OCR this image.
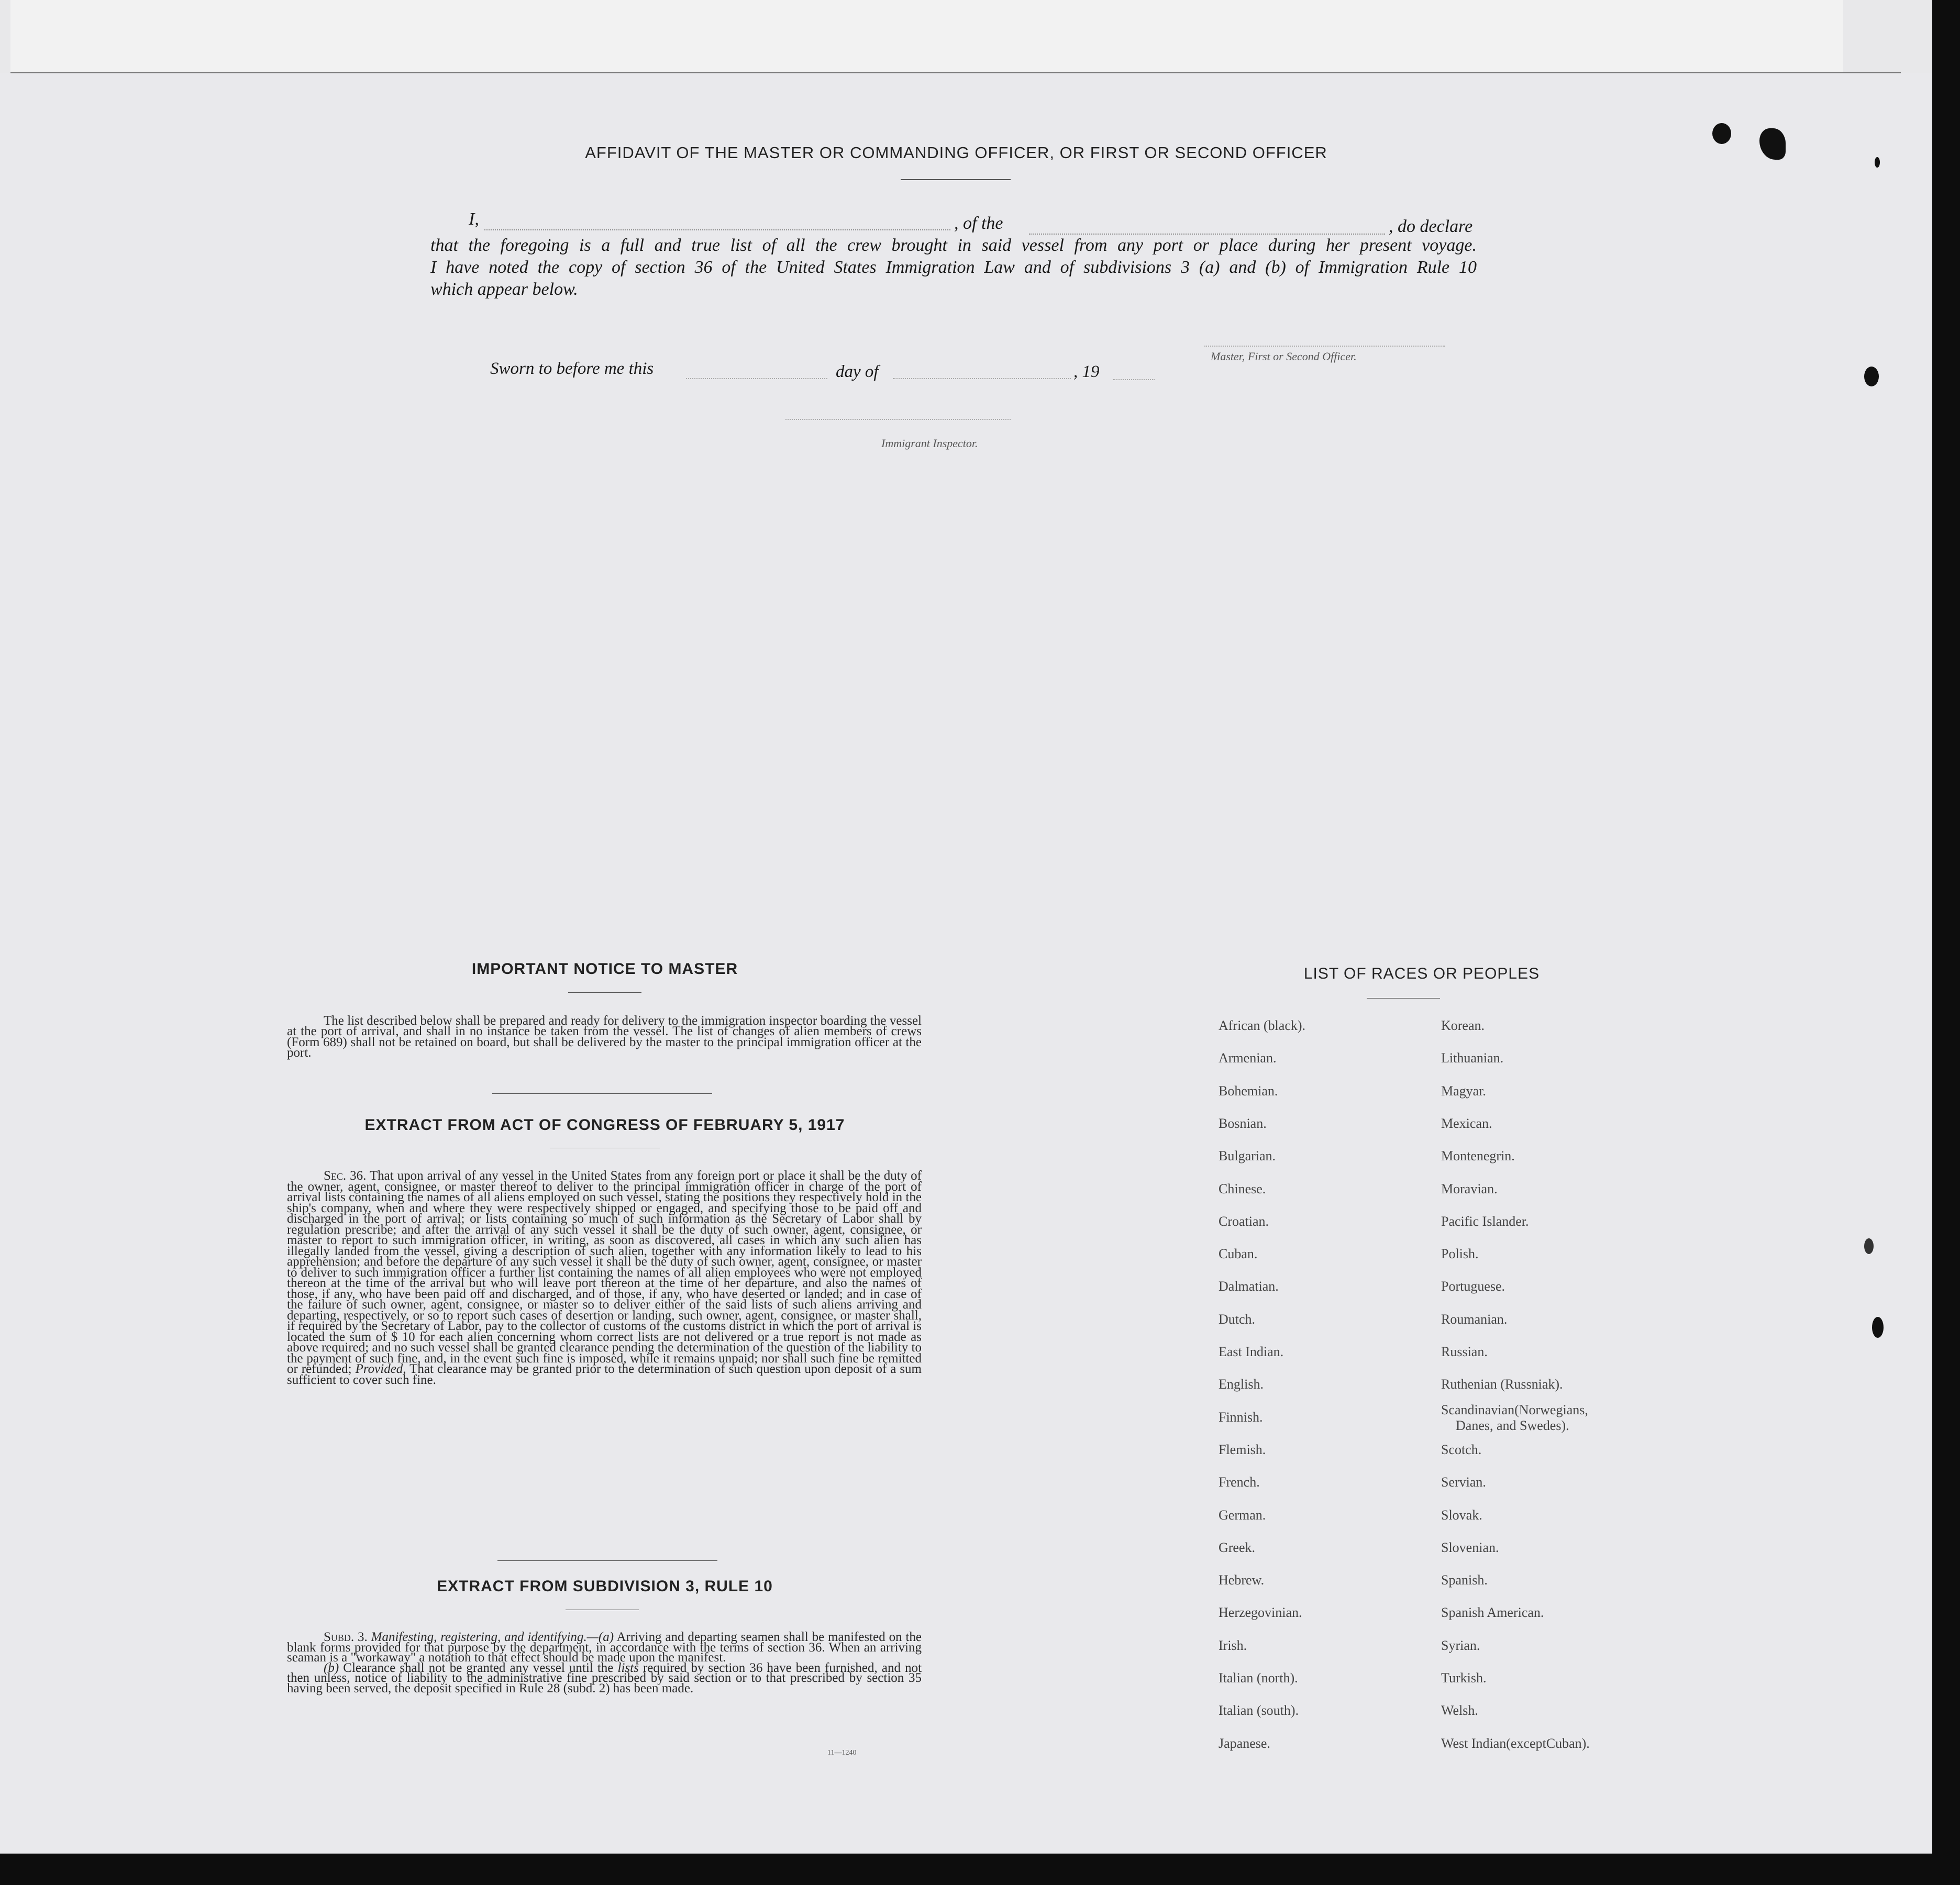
AFFIDAVIT OF THE MASTER OR COMMANDING OFFICER, OR FIRST OR SECOND OFFICER
I,	, of the	, do declare
that the foregoing is a full and true list of all the crew brought in said vessel from any port or place during her present voyage.
I have noted the copy of section 36 of the United States Immigration Law and of subdivisions 3 (a) and (b) of Immigration Rule 10
which appear below.
Master, First or Second Officer.
Sworn to before me this	day of	, 19
Immigrant Inspector.
IMPORTANT NOTICE TO MASTER

The list described below shall be prepared and ready for delivery to the immigration inspector boarding the vessel at the port of arrival, and shall in no instance be taken from the vessel. The list of changes of alien members of crews (Form 689) shall not be retained on board, but shall be delivered by the master to the principal immigration officer at the port.

EXTRACT FROM ACT OF CONGRESS OF FEBRUARY 5, 1917

Sec. 36. That upon arrival of any vessel in the United States from any foreign port or place it shall be the duty of the owner, agent, consignee, or master thereof to deliver to the principal immigration officer in charge of the port of arrival lists containing the names of all aliens employed on such vessel, stating the positions they respectively hold in the ship's company, when and where they were respectively shipped or engaged, and specifying those to be paid off and discharged in the port of arrival; or lists containing so much of such information as the Secretary of Labor shall by regulation prescribe; and after the arrival of any such vessel it shall be the duty of such owner, agent, consignee, or master to report to such immigration officer, in writing, as soon as discovered, all cases in which any such alien has illegally landed from the vessel, giving a description of such alien, together with any information likely to lead to his apprehension; and before the departure of any such vessel it shall be the duty of such owner, agent, consignee, or master to deliver to such immigration officer a further list containing the names of all alien employees who were not employed thereon at the time of the arrival but who will leave port thereon at the time of her departure, and also the names of those, if any, who have been paid off and discharged, and of those, if any, who have deserted or landed; and in case of the failure of such owner, agent, consignee, or master so to deliver either of the said lists of such aliens arriving and departing, respectively, or so to report such cases of desertion or landing, such owner, agent, consignee, or master shall, if required by the Secretary of Labor, pay to the collector of customs of the customs district in which the port of arrival is located the sum of $ 10 for each alien concerning whom correct lists are not delivered or a true report is not made as above required; and no such vessel shall be granted clearance pending the determination of the question of the liability to the payment of such fine, and, in the event such fine is imposed, while it remains unpaid; nor shall such fine be remitted or refunded; Provided, That clearance may be granted prior to the determination of such question upon deposit of a sum sufficient to cover such fine.

EXTRACT FROM SUBDIVISION 3, RULE 10

Subd. 3. Manifesting, registering, and identifying.—(a) Arriving and departing seamen shall be manifested on the blank forms provided for that purpose by the department, in accordance with the terms of section 36. When an arriving seaman is a "workaway" a notation to that effect should be made upon the manifest.

(b) Clearance shall not be granted any vessel until the lists required by section 36 have been furnished, and not then unless, notice of liability to the administrative fine prescribed by said section or to that prescribed by section 35 having been served, the deposit specified in Rule 28 (subd. 2) has been made.

11—1240
LIST OF RACES OR PEOPLES
African (black).
Armenian.
Bohemian.
Bosnian.
Bulgarian.
Chinese.
Croatian.
Cuban.
Dalmatian.
Dutch.
East Indian.
English.
Finnish.
Flemish.
French.
German.
Greek.
Hebrew.
Herzegovinian.
Irish.
Italian (north).
Italian (south).
Japanese.
Korean.
Lithuanian.
Magyar.
Mexican.
Montenegrin.
Moravian.
Pacific Islander.
Polish.
Portuguese.
Roumanian.
Russian.
Ruthenian (Russniak).
Scandinavian(Norwegians,
Scotch.
Servian.
Slovak.
Slovenian.
Spanish.
Spanish American.
Syrian.
Turkish.
Welsh.
West Indian(exceptCuban).
Danes, and Swedes).
